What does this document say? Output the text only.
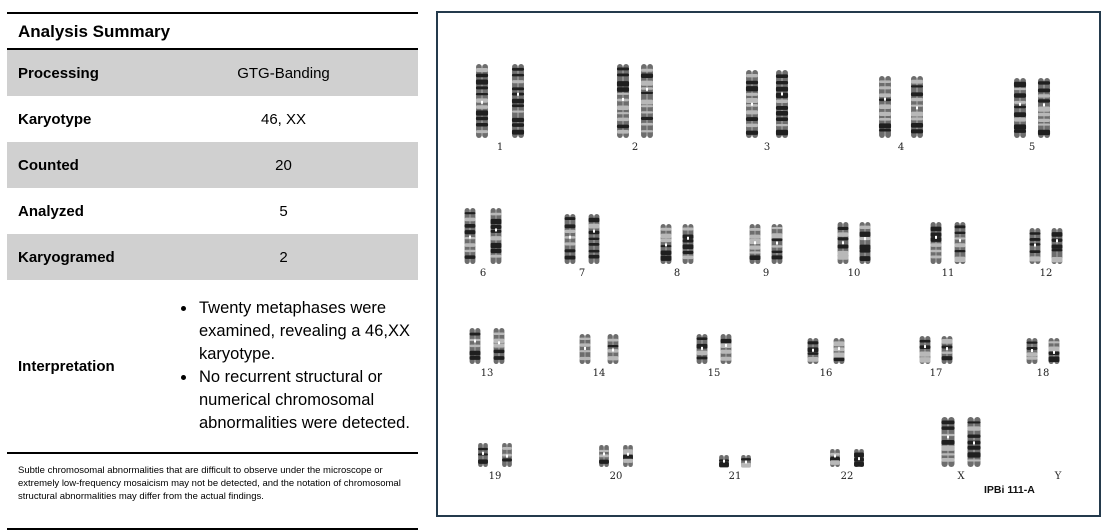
Analysis Summary
Processing	GTG-Banding
Karyotype	46, XX
Counted	20
Analyzed	5
Karyogramed	2
Interpretation
• Twenty metaphases were examined, revealing a 46,XX karyotype.
• No recurrent structural or numerical chromosomal abnormalities were detected.
Subtle chromosomal abnormalities that are difficult to observe under the microscope or extremely low-frequency mosaicism may not be detected, and the notation of chromosomal structural abnormalities may differ from the actual findings.
1	2	3	4	5
6	7	8	9	10	11	12
13	14	15	16	17	18
19	20	21	22	X	Y
IPBi 111-A
